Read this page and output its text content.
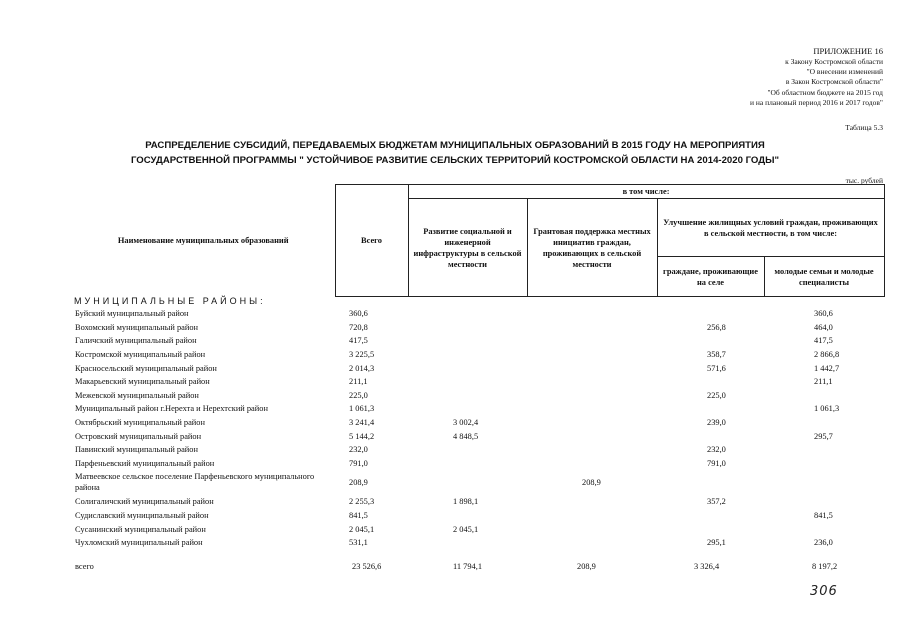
ПРИЛОЖЕНИЕ 16
к Закону Костромской области
"О внесении изменений
в Закон Костромской области"
"Об областном бюджете на 2015 год
и на плановый период 2016 и 2017 годов"
Таблица 5.3
РАСПРЕДЕЛЕНИЕ СУБСИДИЙ, ПЕРЕДАВАЕМЫХ БЮДЖЕТАМ МУНИЦИПАЛЬНЫХ ОБРАЗОВАНИЙ В 2015 ГОДУ НА МЕРОПРИЯТИЯ
ГОСУДАРСТВЕННОЙ ПРОГРАММЫ " УСТОЙЧИВОЕ РАЗВИТИЕ СЕЛЬСКИХ ТЕРРИТОРИЙ КОСТРОМСКОЙ ОБЛАСТИ НА 2014-2020 ГОДЫ"
тыс. рублей
Наименование муниципальных образований	Всего	в том числе:			
		Развитие социальной и инженерной инфраструктуры в сельской местности	Грантовая поддержка местных инициатив граждан, проживающих в сельской местности	Улучшение жилищных условий граждан, проживающих в сельской местности, в том числе:	
				граждане, проживающие на селе	молодые семьи и молодые специалисты
МУНИЦИПАЛЬНЫЕ РАЙОНЫ:
Буйский муниципальный район	360,6				360,6
Вохомский муниципальный район	720,8			256,8	464,0
Галичский муниципальный район	417,5				417,5
Костромской муниципальный район	3 225,5			358,7	2 866,8
Красносельский муниципальный район	2 014,3			571,6	1 442,7
Макарьевский муниципальный район	211,1				211,1
Межевской муниципальный район	225,0			225,0	
Муниципальный район г.Нерехта и Нерехтский район	1 061,3				1 061,3
Октябрьский муниципальный район	3 241,4	3 002,4		239,0	
Островский муниципальный район	5 144,2	4 848,5			295,7
Павинский муниципальный район	232,0			232,0	
Парфеньевский муниципальный район	791,0			791,0	
Матвеевское сельское поселение Парфеньевского муниципального района	208,9		208,9		
Солигаличский муниципальный район	2 255,3	1 898,1		357,2	
Судиславский муниципальный район	841,5				841,5
Сусанинский муниципальный район	2 045,1	2 045,1			
Чухломский муниципальный район	531,1			295,1	236,0
всего	23 526,6	11 794,1	208,9	3 326,4	8 197,2
306
